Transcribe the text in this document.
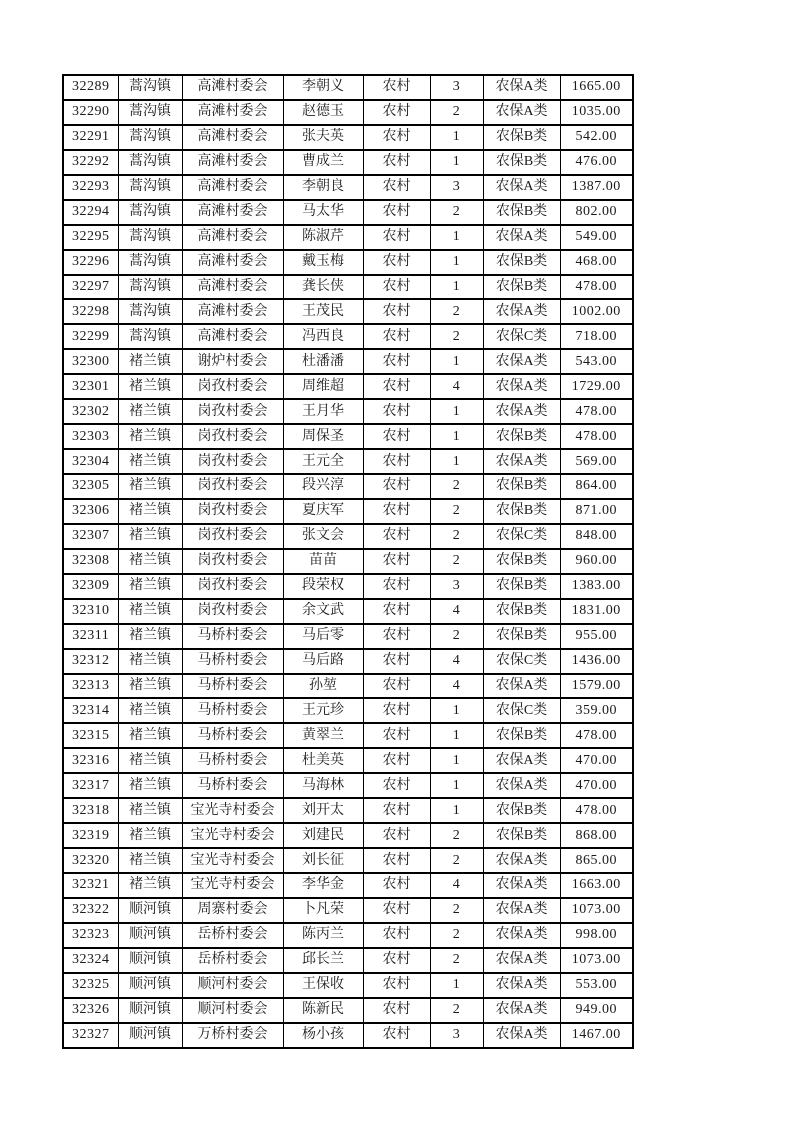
32289	蒿沟镇	高滩村委会	李朝义	农村	3	农保A类	1665.00
32290	蒿沟镇	高滩村委会	赵德玉	农村	2	农保A类	1035.00
32291	蒿沟镇	高滩村委会	张夫英	农村	1	农保B类	542.00
32292	蒿沟镇	高滩村委会	曹成兰	农村	1	农保B类	476.00
32293	蒿沟镇	高滩村委会	李朝良	农村	3	农保A类	1387.00
32294	蒿沟镇	高滩村委会	马太华	农村	2	农保B类	802.00
32295	蒿沟镇	高滩村委会	陈淑芹	农村	1	农保A类	549.00
32296	蒿沟镇	高滩村委会	戴玉梅	农村	1	农保B类	468.00
32297	蒿沟镇	高滩村委会	龚长侠	农村	1	农保B类	478.00
32298	蒿沟镇	高滩村委会	王茂民	农村	2	农保A类	1002.00
32299	蒿沟镇	高滩村委会	冯西良	农村	2	农保C类	718.00
32300	褚兰镇	谢炉村委会	杜潘潘	农村	1	农保A类	543.00
32301	褚兰镇	岗孜村委会	周维超	农村	4	农保A类	1729.00
32302	褚兰镇	岗孜村委会	王月华	农村	1	农保A类	478.00
32303	褚兰镇	岗孜村委会	周保圣	农村	1	农保B类	478.00
32304	褚兰镇	岗孜村委会	王元全	农村	1	农保A类	569.00
32305	褚兰镇	岗孜村委会	段兴淳	农村	2	农保B类	864.00
32306	褚兰镇	岗孜村委会	夏庆军	农村	2	农保B类	871.00
32307	褚兰镇	岗孜村委会	张文会	农村	2	农保C类	848.00
32308	褚兰镇	岗孜村委会	苗苗	农村	2	农保B类	960.00
32309	褚兰镇	岗孜村委会	段荣权	农村	3	农保B类	1383.00
32310	褚兰镇	岗孜村委会	余文武	农村	4	农保B类	1831.00
32311	褚兰镇	马桥村委会	马后零	农村	2	农保B类	955.00
32312	褚兰镇	马桥村委会	马后路	农村	4	农保C类	1436.00
32313	褚兰镇	马桥村委会	孙堃	农村	4	农保A类	1579.00
32314	褚兰镇	马桥村委会	王元珍	农村	1	农保C类	359.00
32315	褚兰镇	马桥村委会	黄翠兰	农村	1	农保B类	478.00
32316	褚兰镇	马桥村委会	杜美英	农村	1	农保A类	470.00
32317	褚兰镇	马桥村委会	马海林	农村	1	农保A类	470.00
32318	褚兰镇	宝光寺村委会	刘开太	农村	1	农保B类	478.00
32319	褚兰镇	宝光寺村委会	刘建民	农村	2	农保B类	868.00
32320	褚兰镇	宝光寺村委会	刘长征	农村	2	农保A类	865.00
32321	褚兰镇	宝光寺村委会	李华金	农村	4	农保A类	1663.00
32322	顺河镇	周寨村委会	卜凡荣	农村	2	农保A类	1073.00
32323	顺河镇	岳桥村委会	陈丙兰	农村	2	农保A类	998.00
32324	顺河镇	岳桥村委会	邱长兰	农村	2	农保A类	1073.00
32325	顺河镇	顺河村委会	王保收	农村	1	农保A类	553.00
32326	顺河镇	顺河村委会	陈新民	农村	2	农保A类	949.00
32327	顺河镇	万桥村委会	杨小孩	农村	3	农保A类	1467.00
